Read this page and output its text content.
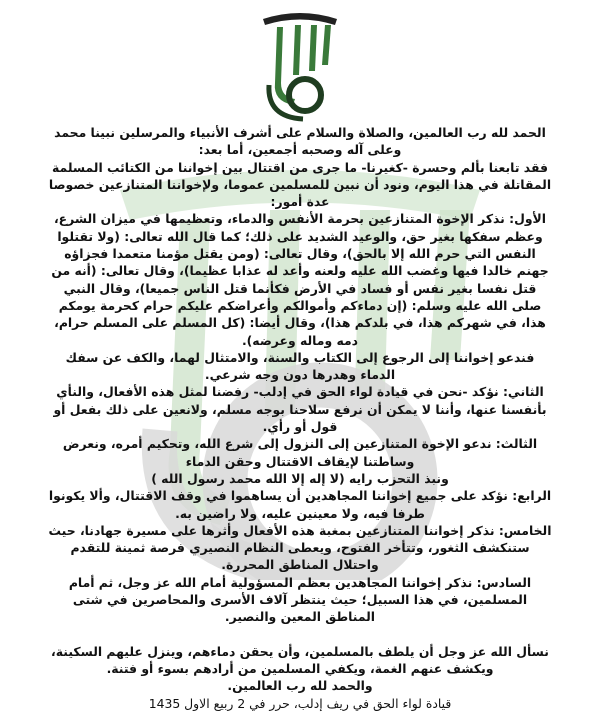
الحمد لله رب العالمين، والصلاة والسلام على أشرف الأنبياء والمرسلين نبينا محمد وعلى آله وصحبه أجمعين، أما بعد:

فقد تابعنا بألم وحسرة -كغيرنا- ما جرى من اقتتال بين إخواننا من الكتائب المسلمة المقاتلة في هذا اليوم، ونود أن نبين للمسلمين عموما، ولإخواننا المتنازعين خصوصا عدة أمور:

الأول: نذكر الإخوة المتنازعين بحرمة الأنفس والدماء، وتعظيمها في ميزان الشرع، وعظم سفكها بغير حق، والوعيد الشديد على ذلك؛ كما قال الله تعالى: (ولا تقتلوا النفس التي حرم الله إلا بالحق)، وقال تعالى: (ومن يقتل مؤمنا متعمدا فجزاؤه جهنم خالدا فيها وغضب الله عليه ولعنه وأعد له عذابا عظيما)، وقال تعالى: (أنه من قتل نفسا بغير نفس أو فساد في الأرض فكأنما قتل الناس جميعا)، وقال النبي صلى الله عليه وسلم: (إن دماءكم وأموالكم وأعراضكم عليكم حرام كحرمة يومكم هذا، في شهركم هذا، في بلدكم هذا)، وقال أيضا: (كل المسلم على المسلم حرام، دمه وماله وعرضه).

فندعو إخواننا إلى الرجوع إلى الكتاب والسنة، والامتثال لهما، والكف عن سفك الدماء وهدرها دون وجه شرعي.

الثاني: نؤكد -نحن في قيادة لواء الحق في إدلب- رفضنا لمثل هذه الأفعال، والنأي بأنفسنا عنها، وأننا لا يمكن أن نرفع سلاحنا بوجه مسلم، ولانعين على ذلك بفعل أو قول أو رأي.

الثالث: ندعو الإخوة المتنازعين إلى النزول إلى شرع الله، وتحكيم أمره، ونعرض وساطتنا لإيقاف الاقتتال وحقن الدماء

ونبذ التحزب رايه (لا إله إلا الله محمد رسول الله )

الرابع: نؤكد على جميع إخواننا المجاهدين أن يساهموا في وقف الاقتتال، وألا يكونوا طرفا فيه، ولا معينين عليه، ولا راضين به.

الخامس: نذكر إخواننا المتنازعين بمغبة هذه الأفعال وأثرها على مسيرة جهادنا، حيث ستنكشف الثغور، وتتأخر الفتوح، ويعطى النظام النصيري فرصة ثمينة للتقدم واحتلال المناطق المحررة.

السادس: نذكر إخواننا المجاهدين بعظم المسؤولية أمام الله عز وجل، ثم أمام المسلمين، في هذا السبيل؛ حيث ينتظر آلاف الأسرى والمحاصرين في شتى المناطق المعين والنصير.

نسأل الله عز وجل أن يلطف بالمسلمين، وأن يحقن دماءهم، وينزل عليهم السكينة، ويكشف عنهم الغمة، ويكفي المسلمين من أرادهم بسوء أو فتنة.

والحمد لله رب العالمين.

قيادة لواء الحق في ريف إدلب، حرر في 2 ربيع الاول 1435
